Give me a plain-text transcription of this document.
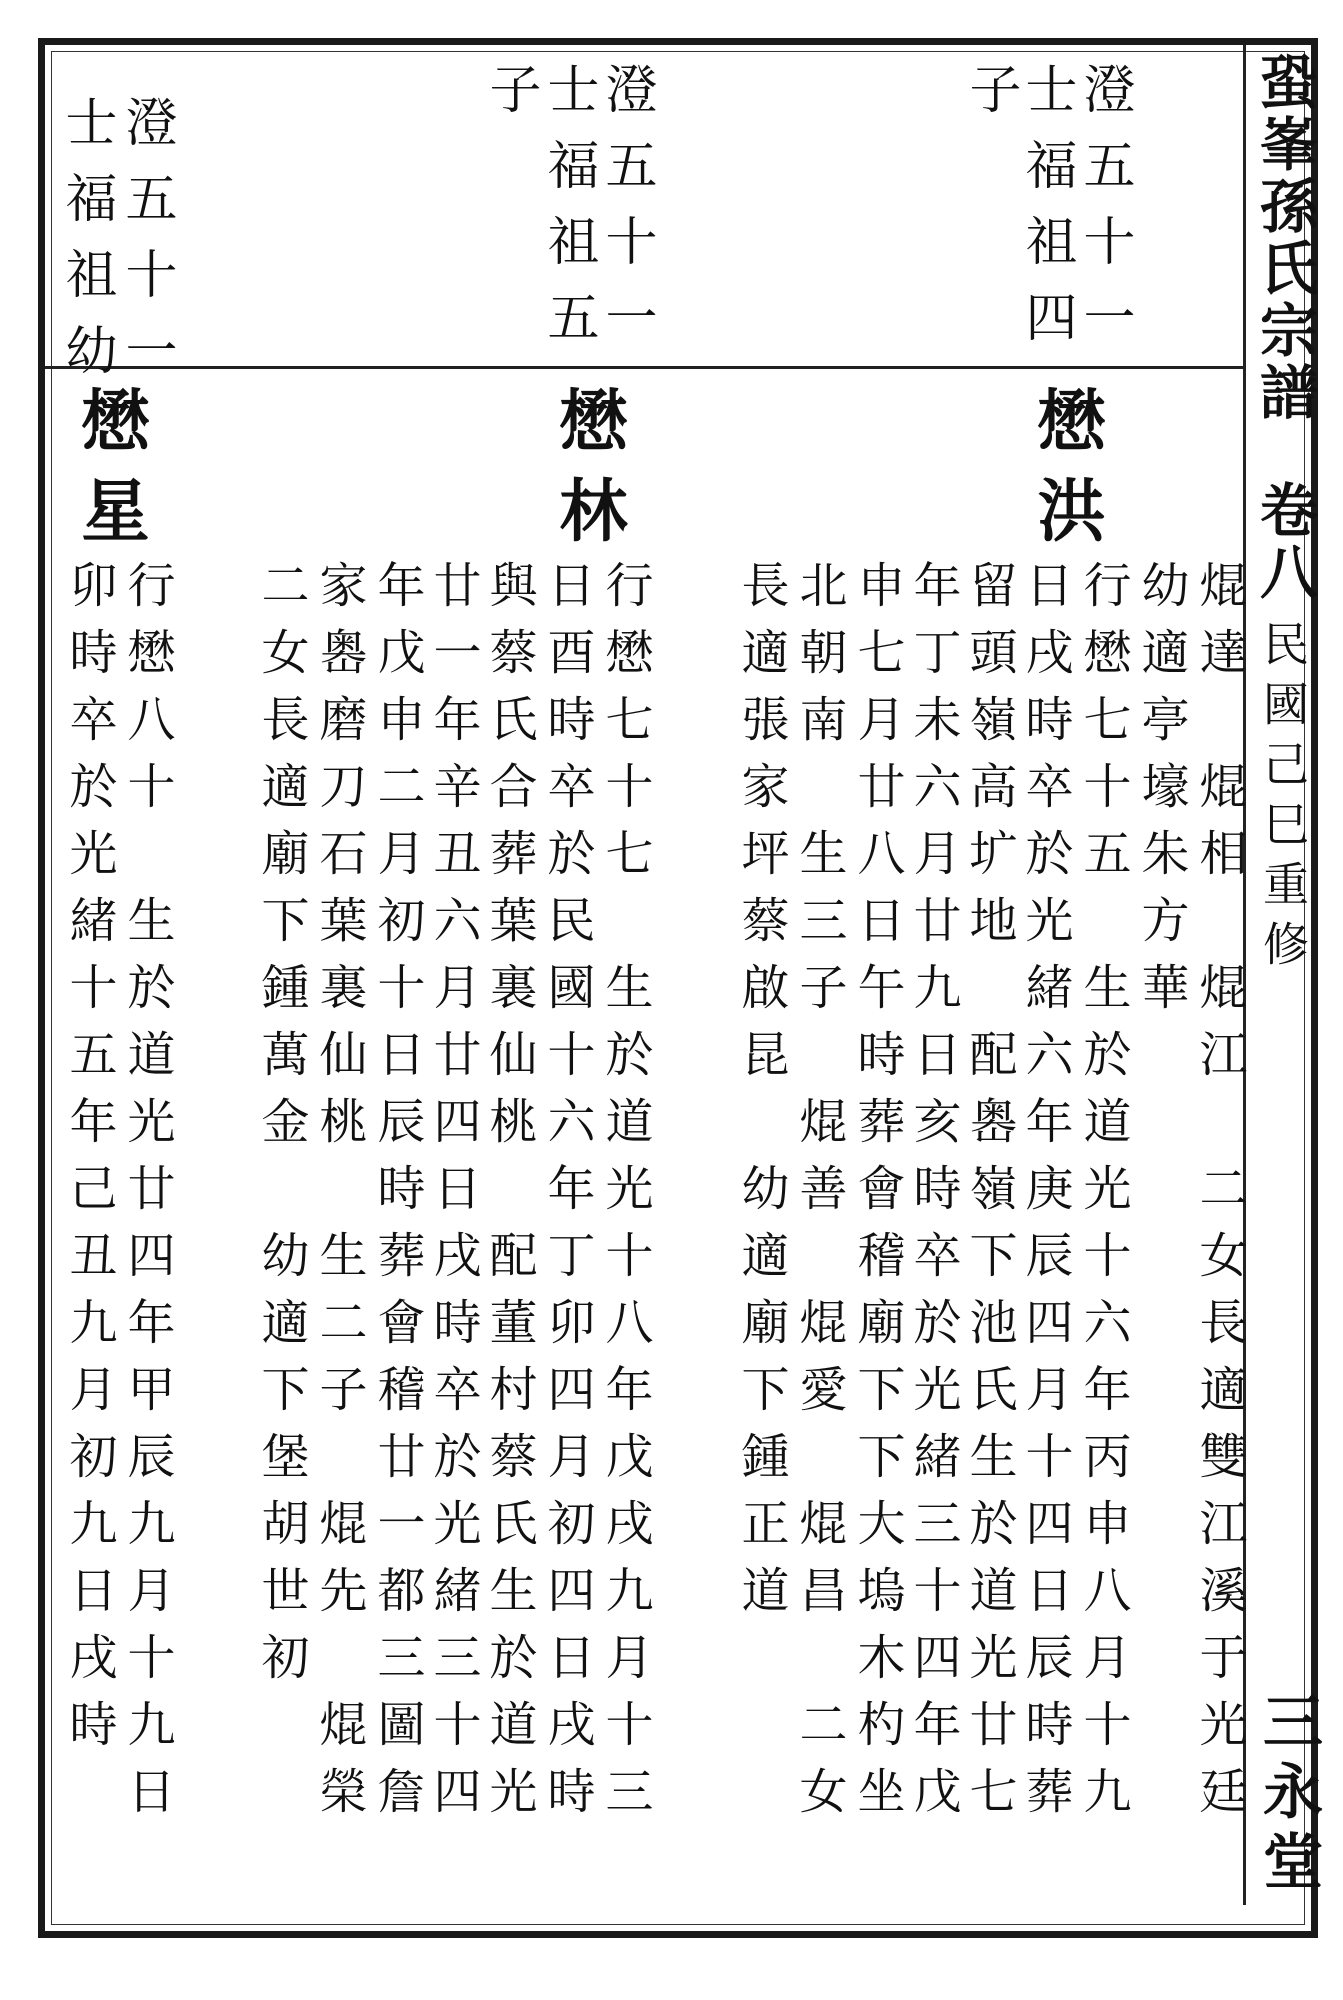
蛩峯孫氏宗譜
卷八
民國己巳重修
三永堂
澄五十一
士福祖四
子
懋洪
焜達　焜相　焜江　二女長適雙江溪于光廷
幼適亭壕朱方華
行懋七十五　生於道光十六年丙申八月十九
日戌時卒於光緒六年庚辰四月十四日辰時葬
留頭嶺高圹地　配嶴嶺下池氏生於道光廿七
年丁未六月廿九日亥時卒於光緒三十四年戊
申七月廿八日午時葬會稽廟下下大塢木杓坐
北朝南　生三子　焜善　焜愛　焜昌　二女
長適張家坪蔡啟昆　幼適廟下鍾正道
澄五十一
士福祖五
子
懋林
行懋七十七　生於道光十八年戊戌九月十三
日酉時卒於民國十六年丁卯四月初四日戌時
與蔡氏合葬葉裏仙桃　配董村蔡氏生於道光
廿一年辛丑六月廿四日戌時卒於光緒三十四
年戊申二月初十日辰時葬會稽廿一都三圖詹
家嶴磨刀石葉裏仙桃　生二子　焜先　焜榮
二女長適廟下鍾萬金　幼適下堡胡世初
澄五十一
士福祖幼
懋星
行懋八十　生於道光廿四年甲辰九月十九日
卯時卒於光緒十五年己丑九月初九日戌時
